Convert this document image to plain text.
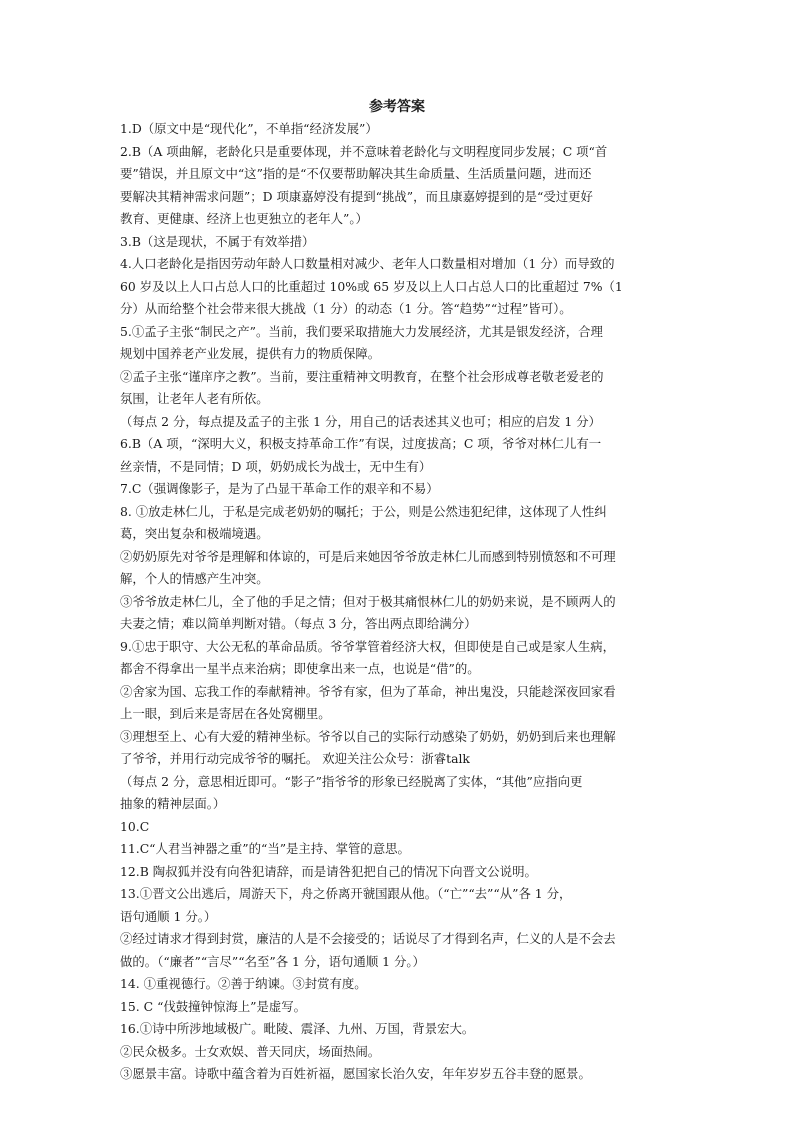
参考答案
1.D（原文中是“现代化”，不单指“经济发展”）
2.B（A 项曲解，老龄化只是重要体现，并不意味着老龄化与文明程度同步发展；C 项“首
要”错误，并且原文中“这”指的是“不仅要帮助解决其生命质量、生活质量问题，进而还
要解决其精神需求问题”；D 项康嘉婷没有提到“挑战”，而且康嘉婷提到的是“受过更好
教育、更健康、经济上也更独立的老年人”。）
3.B（这是现状，不属于有效举措）
4.人口老龄化是指因劳动年龄人口数量相对减少、老年人口数量相对增加（1 分）而导致的
60 岁及以上人口占总人口的比重超过 10%或 65 岁及以上人口占总人口的比重超过 7%（1
分）从而给整个社会带来很大挑战（1 分）的动态（1 分。答“趋势”“过程”皆可）。
5.①孟子主张“制民之产”。当前，我们要采取措施大力发展经济，尤其是银发经济，合理
规划中国养老产业发展，提供有力的物质保障。
②孟子主张“谨庠序之教”。当前，要注重精神文明教育，在整个社会形成尊老敬老爱老的
氛围，让老年人老有所依。
（每点 2 分，每点提及孟子的主张 1 分，用自己的话表述其义也可；相应的启发 1 分）
6.B（A 项，“深明大义，积极支持革命工作”有误，过度拔高；C 项，爷爷对林仁儿有一
丝亲情，不是同情；D 项，奶奶成长为战士，无中生有）
7.C（强调像影子，是为了凸显干革命工作的艰辛和不易）
8. ①放走林仁儿，于私是完成老奶奶的嘱托；于公，则是公然违犯纪律，这体现了人性纠
葛，突出复杂和极端境遇。
②奶奶原先对爷爷是理解和体谅的，可是后来她因爷爷放走林仁儿而感到特别愤怒和不可理
解，个人的情感产生冲突。
③爷爷放走林仁儿，全了他的手足之情；但对于极其痛恨林仁儿的奶奶来说，是不顾两人的
夫妻之情；难以简单判断对错。（每点 3 分，答出两点即给满分）
9.①忠于职守、大公无私的革命品质。爷爷掌管着经济大权，但即使是自己或是家人生病，
都舍不得拿出一星半点来治病；即使拿出来一点，也说是“借”的。
②舍家为国、忘我工作的奉献精神。爷爷有家，但为了革命，神出鬼没，只能趁深夜回家看
上一眼，到后来是寄居在各处窝棚里。
③理想至上、心有大爱的精神坐标。爷爷以自己的实际行动感染了奶奶，奶奶到后来也理解
了爷爷，并用行动完成爷爷的嘱托。 欢迎关注公众号：浙睿talk
（每点 2 分，意思相近即可。“影子”指爷爷的形象已经脱离了实体，“其他”应指向更
抽象的精神层面。）
10.C
11.C“人君当神器之重”的“当”是主持、掌管的意思。
12.B 陶叔狐并没有向咎犯请辞，而是请咎犯把自己的情况下向晋文公说明。
13.①晋文公出逃后，周游天下，舟之侨离开虢国跟从他。（“亡”“去”“从”各 1 分，
语句通顺 1 分。）
②经过请求才得到封赏，廉洁的人是不会接受的；话说尽了才得到名声，仁义的人是不会去
做的。（“廉者”“言尽”“名至”各 1 分，语句通顺 1 分。）
14. ①重视德行。②善于纳谏。③封赏有度。
15. C “伐鼓撞钟惊海上”是虚写。
16.①诗中所涉地域极广。毗陵、震泽、九州、万国，背景宏大。
②民众极多。士女欢娱、普天同庆，场面热闹。
③愿景丰富。诗歌中蕴含着为百姓祈福，愿国家长治久安，年年岁岁五谷丰登的愿景。
